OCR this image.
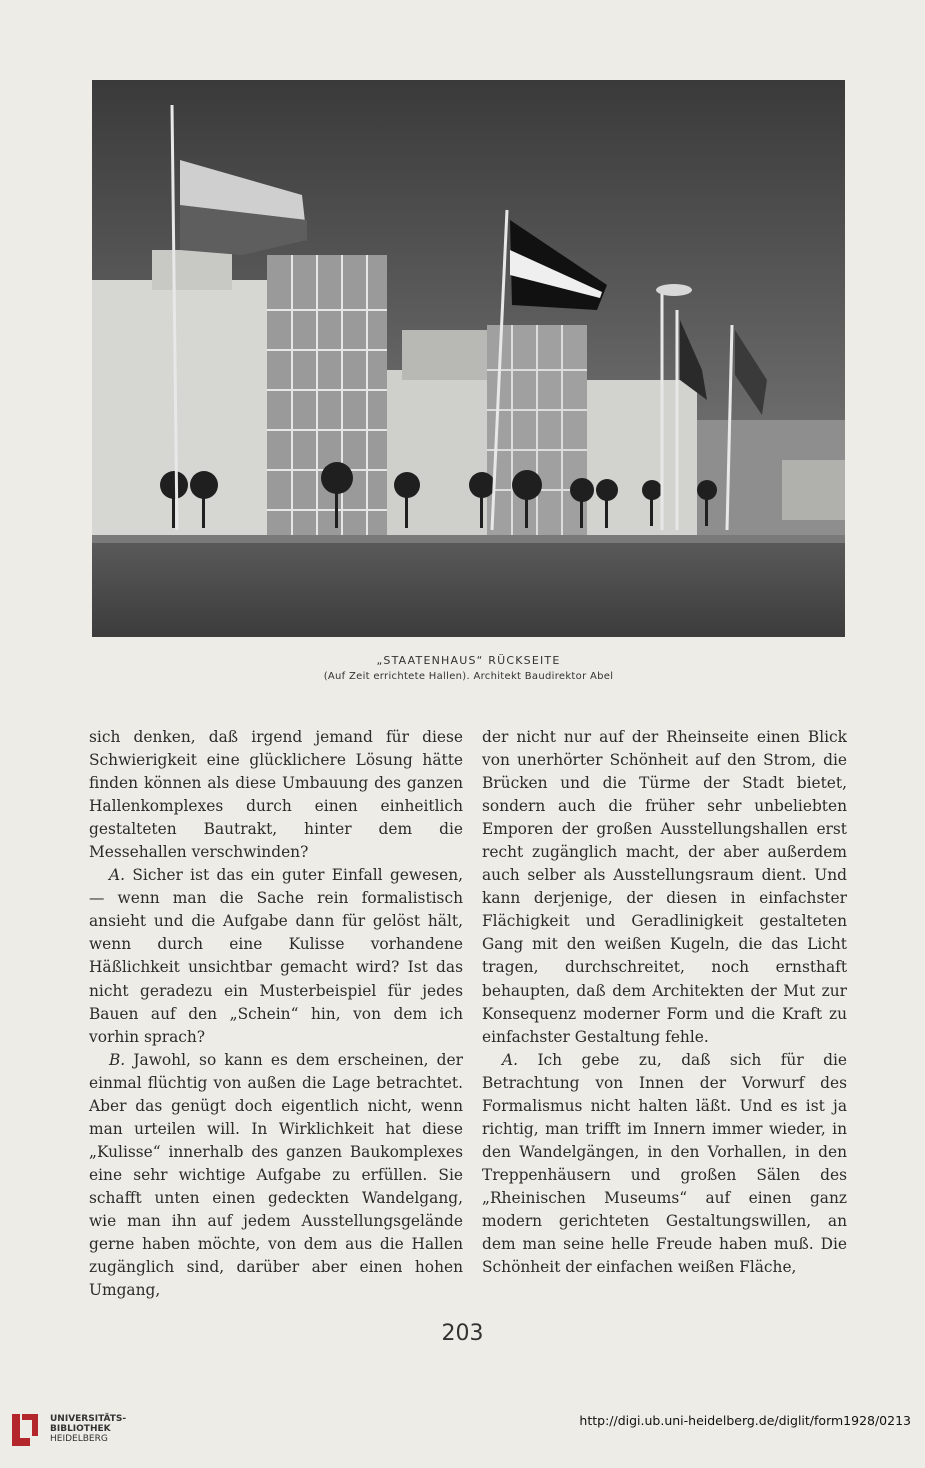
„STAATENHAUS“ RÜCKSEITE
(Auf Zeit errichtete Hallen). Architekt Baudirektor Abel

sich denken, daß irgend jemand für diese Schwierigkeit eine glücklichere Lösung hätte finden können als diese Umbauung des ganzen Hallenkomplexes durch einen einheitlich gestalteten Bautrakt, hinter dem die Messehallen verschwinden?

A. Sicher ist das ein guter Einfall gewesen, — wenn man die Sache rein formalistisch ansieht und die Aufgabe dann für gelöst hält, wenn durch eine Kulisse vorhandene Häßlichkeit unsichtbar gemacht wird? Ist das nicht geradezu ein Musterbeispiel für jedes Bauen auf den „Schein“ hin, von dem ich vorhin sprach?

B. Jawohl, so kann es dem erscheinen, der einmal flüchtig von außen die Lage betrachtet. Aber das genügt doch eigentlich nicht, wenn man urteilen will. In Wirklichkeit hat diese „Kulisse“ innerhalb des ganzen Baukomplexes eine sehr wichtige Aufgabe zu erfüllen. Sie schafft unten einen gedeckten Wandelgang, wie man ihn auf jedem Ausstellungsgelände gerne haben möchte, von dem aus die Hallen zugänglich sind, darüber aber einen hohen Umgang,

der nicht nur auf der Rheinseite einen Blick von unerhörter Schönheit auf den Strom, die Brücken und die Türme der Stadt bietet, sondern auch die früher sehr unbeliebten Emporen der großen Ausstellungshallen erst recht zugänglich macht, der aber außerdem auch selber als Ausstellungsraum dient. Und kann derjenige, der diesen in einfachster Flächigkeit und Geradlinigkeit gestalteten Gang mit den weißen Kugeln, die das Licht tragen, durchschreitet, noch ernsthaft behaupten, daß dem Architekten der Mut zur Konsequenz moderner Form und die Kraft zu einfachster Gestaltung fehle.

A. Ich gebe zu, daß sich für die Betrachtung von Innen der Vorwurf des Formalismus nicht halten läßt. Und es ist ja richtig, man trifft im Innern immer wieder, in den Wandelgängen, in den Vorhallen, in den Treppenhäusern und großen Sälen des „Rheinischen Museums“ auf einen ganz modern gerichteten Gestaltungswillen, an dem man seine helle Freude haben muß. Die Schönheit der einfachen weißen Fläche,

203
UNIVERSITÄTS-
BIBLIOTHEK
HEIDELBERG
http://digi.ub.uni-heidelberg.de/diglit/form1928/0213
